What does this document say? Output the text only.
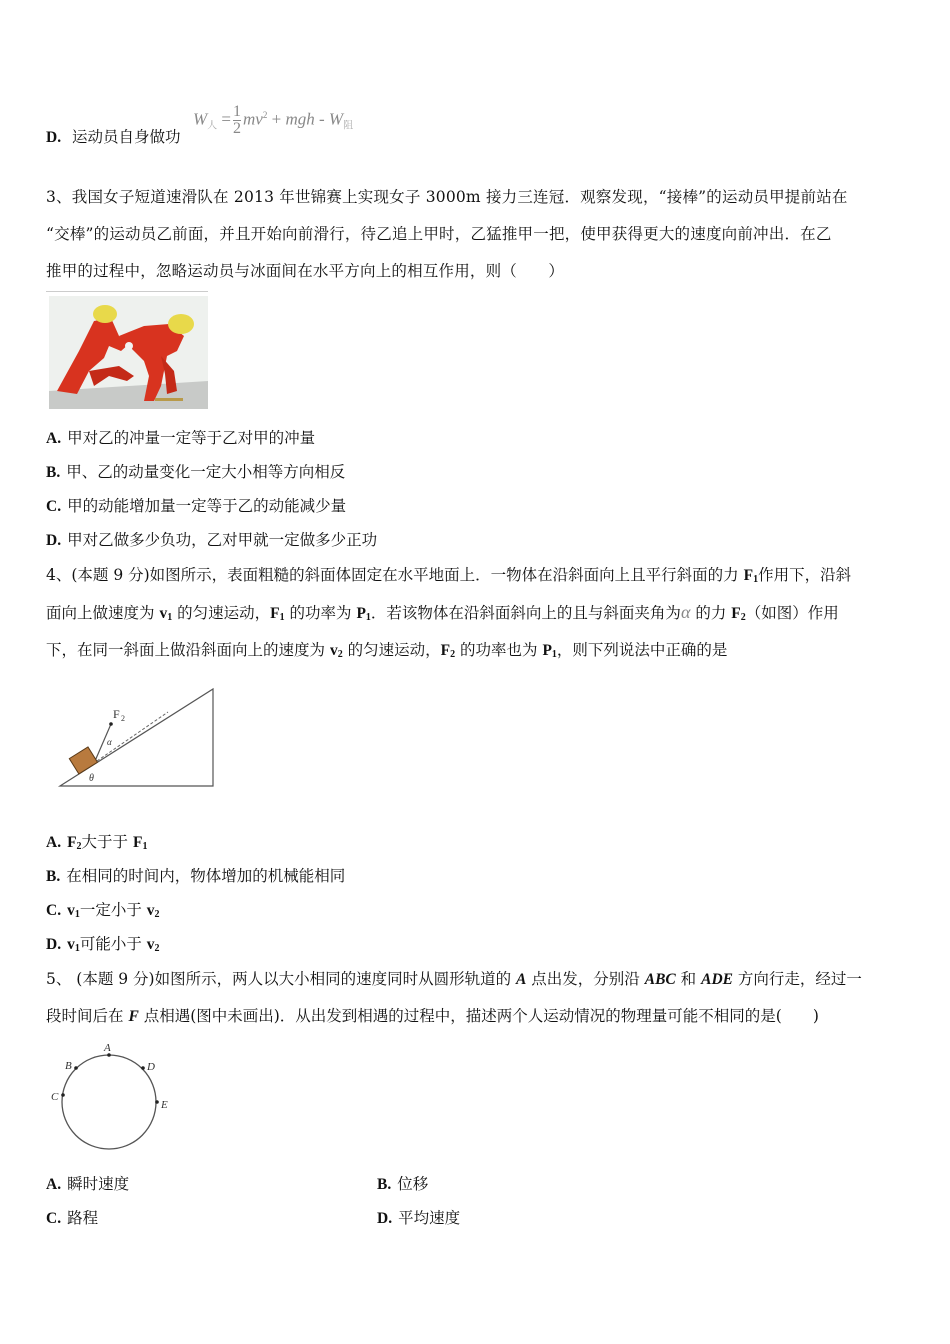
D. 运动员自身做功
$W_人 = \frac{1}{2} mv^2$ + mgh - $W_阻$
3、我国女子短道速滑队在 2013 年世锦赛上实现女子 3000m 接力三连冠．观察发现，“接棒”的运动员甲提前站在
“交棒”的运动员乙前面，并且开始向前滑行，待乙追上甲时，乙猛推甲一把，使甲获得更大的速度向前冲出．在乙
推甲的过程中，忽略运动员与冰面间在水平方向上的相互作用，则（　　）
A. 甲对乙的冲量一定等于乙对甲的冲量
B. 甲、乙的动量变化一定大小相等方向相反
C. 甲的动能增加量一定等于乙的动能减少量
D. 甲对乙做多少负功，乙对甲就一定做多少正功
4、(本题 9 分)如图所示，表面粗糙的斜面体固定在水平地面上．一物体在沿斜面向上且平行斜面的力 $F_1$作用下，沿斜
面向上做速度为 $v_1$ 的匀速运动，$F_1$ 的功率为 $P_1$．若该物体在沿斜面斜向上的且与斜面夹角为α 的力 $F_2$（如图）作用
下，在同一斜面上做沿斜面向上的速度为 $v_2$ 的匀速运动，$F_2$ 的功率也为 $P_1$，则下列说法中正确的是
F 2
α
θ
A. $F_2$大于于 $F_1$
B. 在相同的时间内，物体增加的机械能相同
C. $v_1$一定小于 $v_2$
D. $v_1$可能小于 $v_2$
5、 (本题 9 分)如图所示，两人以大小相同的速度同时从圆形轨道的 A 点出发，分别沿 ABC 和 ADE 方向行走，经过一
段时间后在 F 点相遇(图中未画出)．从出发到相遇的过程中，描述两个人运动情况的物理量可能不相同的是(　　)
A
B
C
D
E
A. 瞬时速度	B. 位移
C. 路程	D. 平均速度
